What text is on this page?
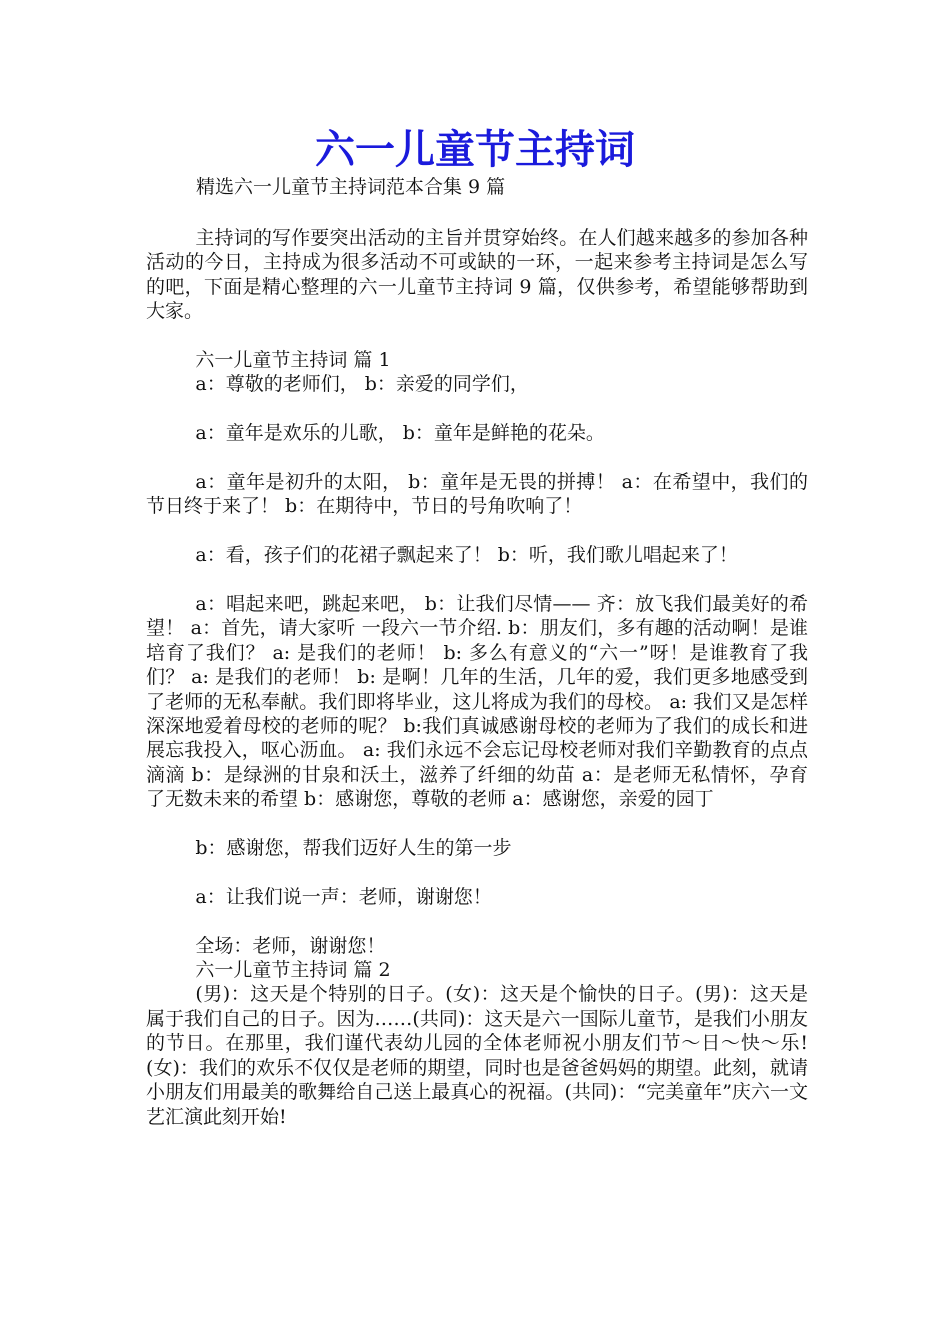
六一儿童节主持词

精选六一儿童节主持词范本合集 9 篇

主持词的写作要突出活动的主旨并贯穿始终。在人们越来越多的参加各种活动的今日，主持成为很多活动不可或缺的一环，一起来参考主持词是怎么写的吧，下面是精心整理的六一儿童节主持词 9 篇，仅供参考，希望能够帮助到大家。

六一儿童节主持词 篇 1

a：尊敬的老师们， b：亲爱的同学们，

a：童年是欢乐的儿歌， b：童年是鲜艳的花朵。

a：童年是初升的太阳， b：童年是无畏的拼搏！ a：在希望中，我们的节日终于来了！ b：在期待中，节日的号角吹响了！

a：看，孩子们的花裙子飘起来了！ b：听，我们歌儿唱起来了！

a：唱起来吧，跳起来吧， b：让我们尽情—— 齐：放飞我们最美好的希望！ a：首先，请大家听 一段六一节介绍. b：朋友们，多有趣的活动啊！是谁培育了我们？ a: 是我们的老师！ b: 多么有意义的“六一”呀！是谁教育了我们？ a: 是我们的老师！ b: 是啊！几年的生活，几年的爱，我们更多地感受到了老师的无私奉献。我们即将毕业，这儿将成为我们的母校。 a: 我们又是怎样深深地爱着母校的老师的呢？ b:我们真诚感谢母校的老师为了我们的成长和进展忘我投入，呕心沥血。 a: 我们永远不会忘记母校老师对我们辛勤教育的点点滴滴 b：是绿洲的甘泉和沃土，滋养了纤细的幼苗 a：是老师无私情怀，孕育了无数未来的希望 b：感谢您，尊敬的老师 a：感谢您，亲爱的园丁

b：感谢您，帮我们迈好人生的第一步

a：让我们说一声：老师，谢谢您！

全场：老师，谢谢您！

六一儿童节主持词 篇 2

(男)：这天是个特别的日子。(女)：这天是个愉快的日子。(男)：这天是属于我们自己的日子。因为……(共同)：这天是六一国际儿童节，是我们小朋友的节日。在那里，我们谨代表幼儿园的全体老师祝小朋友们节～日～快～乐!(女)：我们的欢乐不仅仅是老师的期望，同时也是爸爸妈妈的期望。此刻，就请小朋友们用最美的歌舞给自己送上最真心的祝福。(共同)：“完美童年”庆六一文艺汇演此刻开始!
